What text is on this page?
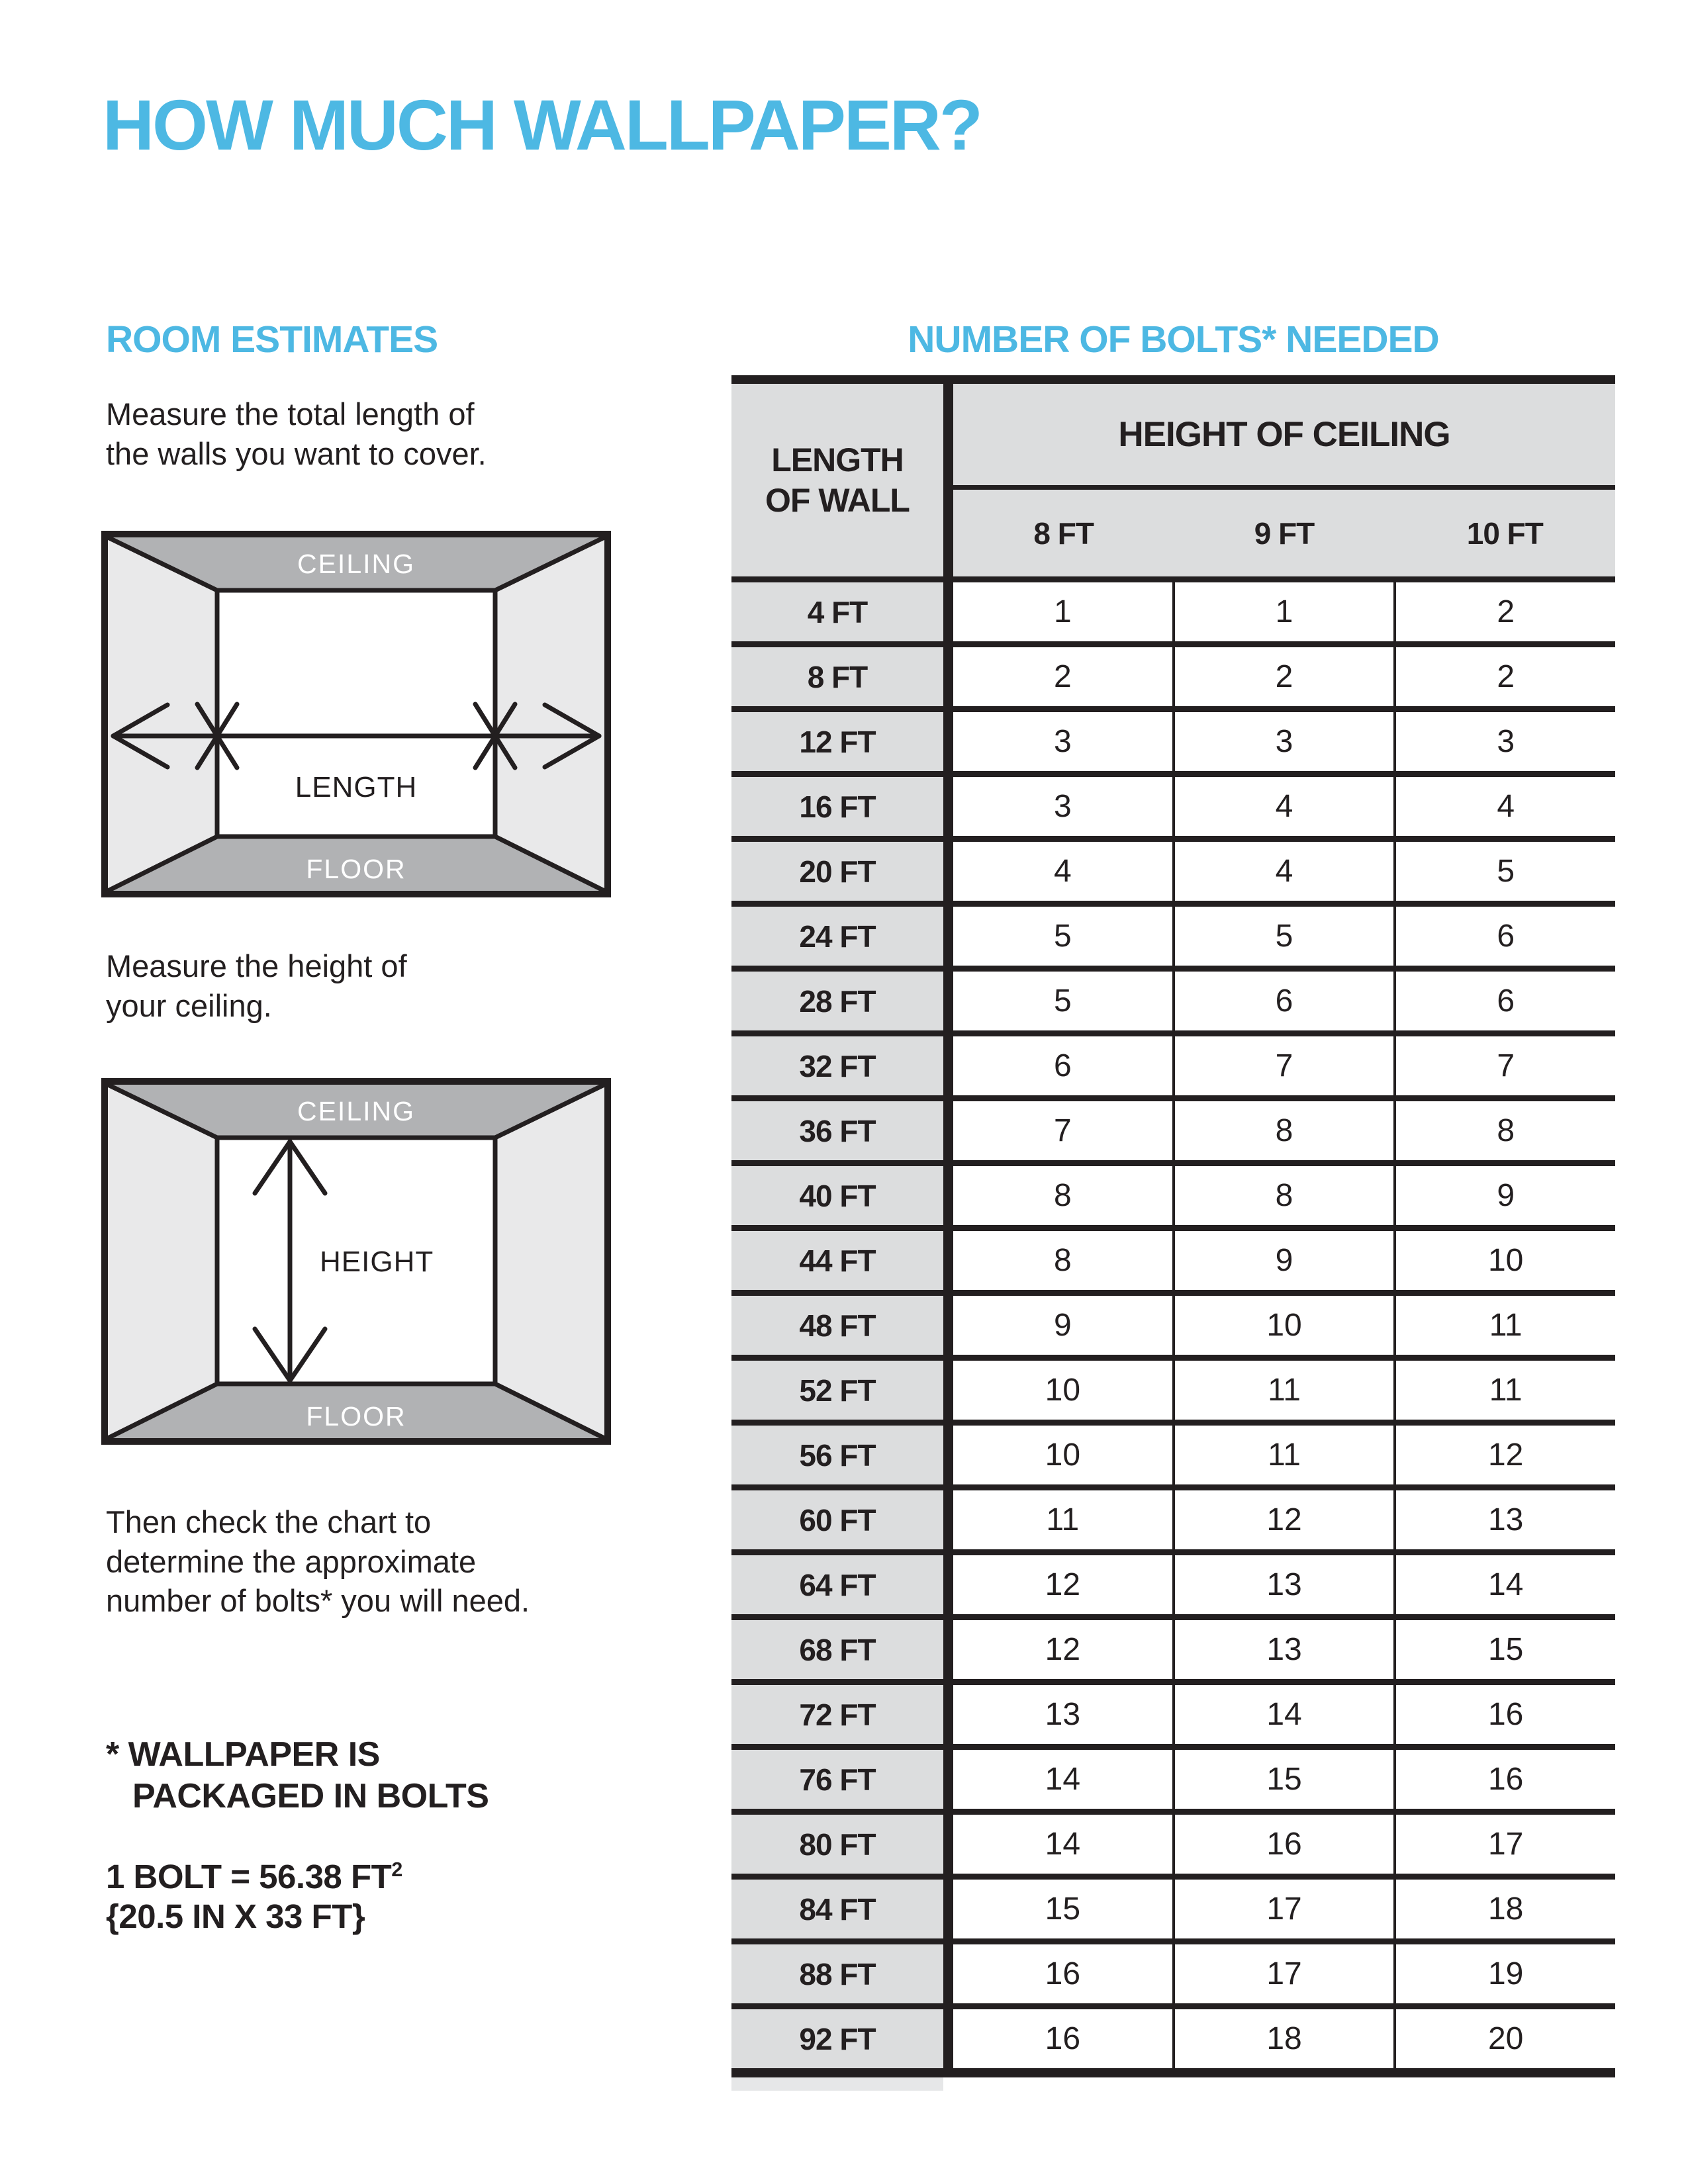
HOW MUCH WALLPAPER?
ROOM ESTIMATES	NUMBER OF BOLTS* NEEDED
Measure the total length of
the walls you want to cover.
CEILING
FLOOR
LENGTH
Measure the height of
your ceiling.
CEILING
FLOOR
HEIGHT
Then check the chart to
determine the approximate
number of bolts* you will need.
* WALLPAPER IS
PACKAGED IN BOLTS
1 BOLT = 56.38 $FT^2$
{20.5 IN X 33 FT}
LENGTH
OF WALL
HEIGHT OF CEILING
8 FT	9 FT	10 FT
4 FT	1	1	2
8 FT	2	2	2
12 FT	3	3	3
16 FT	3	4	4
20 FT	4	4	5
24 FT	5	5	6
28 FT	5	6	6
32 FT	6	7	7
36 FT	7	8	8
40 FT	8	8	9
44 FT	8	9	10
48 FT	9	10	11
52 FT	10	11	11
56 FT	10	11	12
60 FT	11	12	13
64 FT	12	13	14
68 FT	12	13	15
72 FT	13	14	16
76 FT	14	15	16
80 FT	14	16	17
84 FT	15	17	18
88 FT	16	17	19
92 FT	16	18	20
